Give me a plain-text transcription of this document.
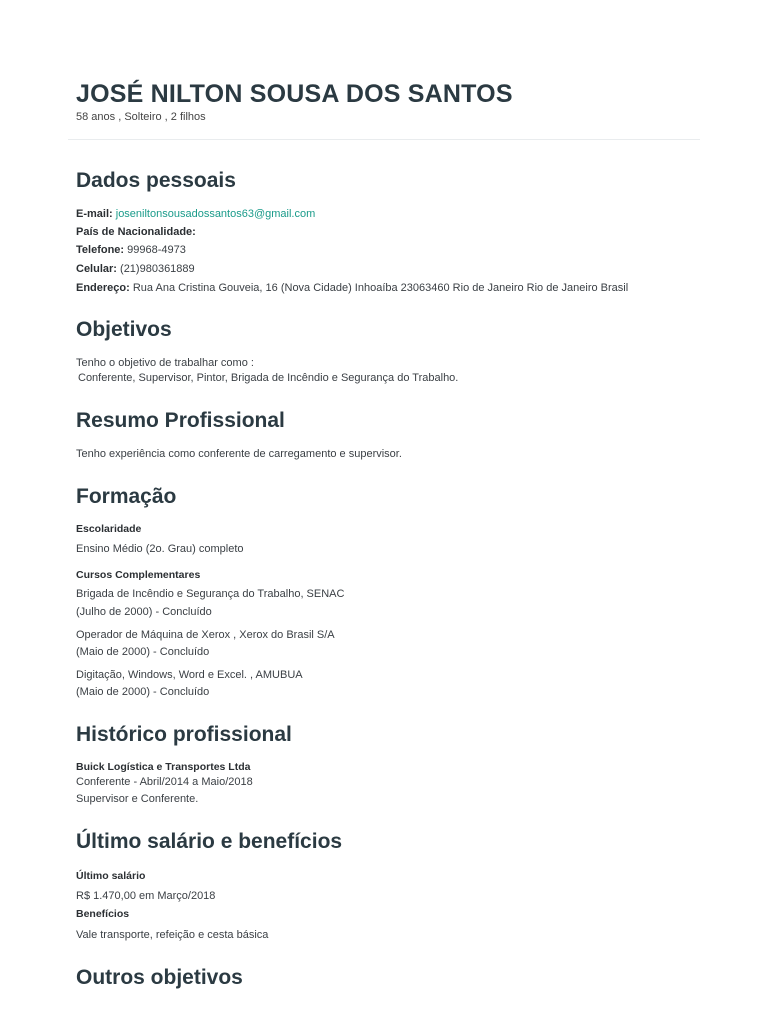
JOSÉ NILTON SOUSA DOS SANTOS
58 anos , Solteiro , 2 filhos
Dados pessoais
E-mail: joseniltonsousadossantos63@gmail.com
País de Nacionalidade:
Telefone: 99968-4973
Celular: (21)980361889
Endereço: Rua Ana Cristina Gouveia, 16 (Nova Cidade) Inhoaíba 23063460 Rio de Janeiro Rio de Janeiro Brasil
Objetivos
Tenho o objetivo de trabalhar como :
Conferente, Supervisor, Pintor, Brigada de Incêndio e Segurança do Trabalho.
Resumo Profissional
Tenho experiência como conferente de carregamento e supervisor.
Formação
Escolaridade
Ensino Médio (2o. Grau) completo
Cursos Complementares
Brigada de Incêndio e Segurança do Trabalho, SENAC
(Julho de 2000) - Concluído
Operador de Máquina de Xerox , Xerox do Brasil S/A
(Maio de 2000) - Concluído
Digitação, Windows, Word e Excel. , AMUBUA
(Maio de 2000) - Concluído
Histórico profissional
Buick Logística e Transportes Ltda
Conferente - Abril/2014 a Maio/2018
Supervisor e Conferente.
Último salário e benefícios
Último salário
R$ 1.470,00 em Março/2018
Benefícios
Vale transporte, refeição e cesta básica
Outros objetivos
